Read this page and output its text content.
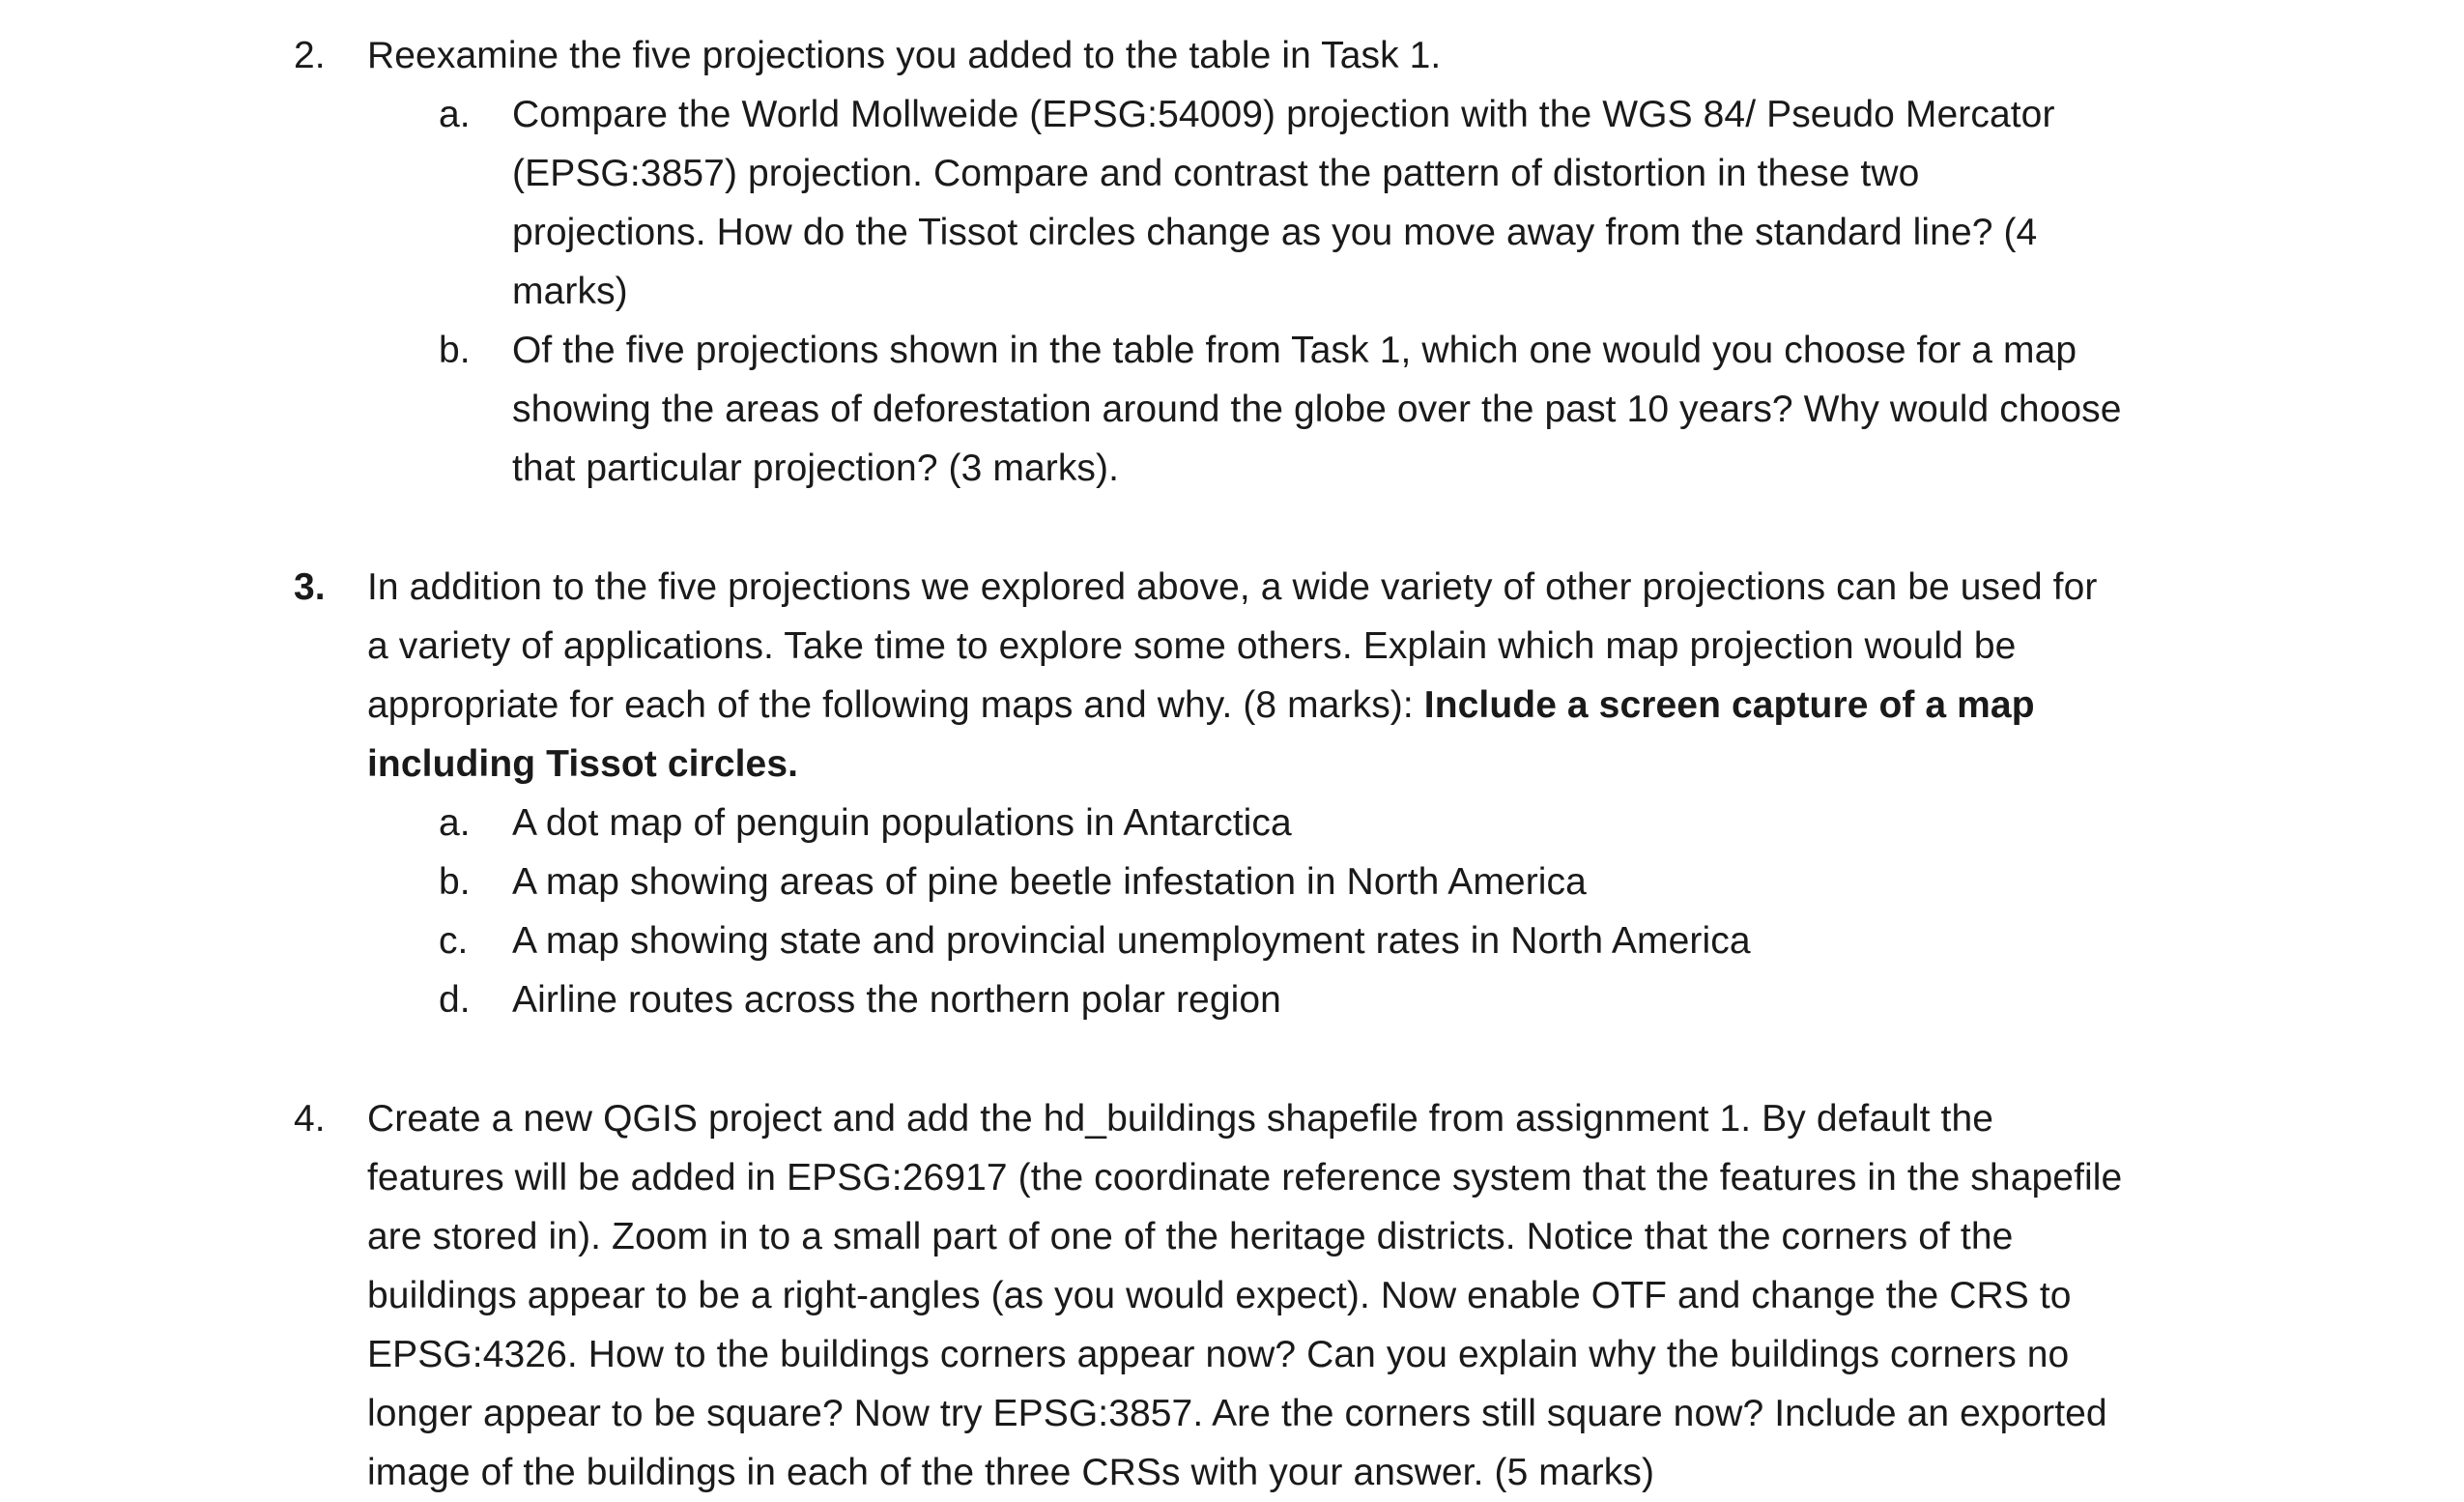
2. Reexamine the five projections you added to the table in Task 1.
a. Compare the World Mollweide (EPSG:54009) projection with the WGS 84/ Pseudo Mercator
(EPSG:3857) projection. Compare and contrast the pattern of distortion in these two
projections. How do the Tissot circles change as you move away from the standard line? (4
marks)
b. Of the five projections shown in the table from Task 1, which one would you choose for a map
showing the areas of deforestation around the globe over the past 10 years? Why would choose
that particular projection? (3 marks).
3. In addition to the five projections we explored above, a wide variety of other projections can be used for
a variety of applications. Take time to explore some others. Explain which map projection would be
appropriate for each of the following maps and why. (8 marks): Include a screen capture of a map
including Tissot circles.
a. A dot map of penguin populations in Antarctica
b. A map showing areas of pine beetle infestation in North America
c. A map showing state and provincial unemployment rates in North America
d. Airline routes across the northern polar region
4. Create a new QGIS project and add the hd_buildings shapefile from assignment 1. By default the
features will be added in EPSG:26917 (the coordinate reference system that the features in the shapefile
are stored in). Zoom in to a small part of one of the heritage districts. Notice that the corners of the
buildings appear to be a right-angles (as you would expect). Now enable OTF and change the CRS to
EPSG:4326. How to the buildings corners appear now? Can you explain why the buildings corners no
longer appear to be square? Now try EPSG:3857. Are the corners still square now? Include an exported
image of the buildings in each of the three CRSs with your answer. (5 marks)
